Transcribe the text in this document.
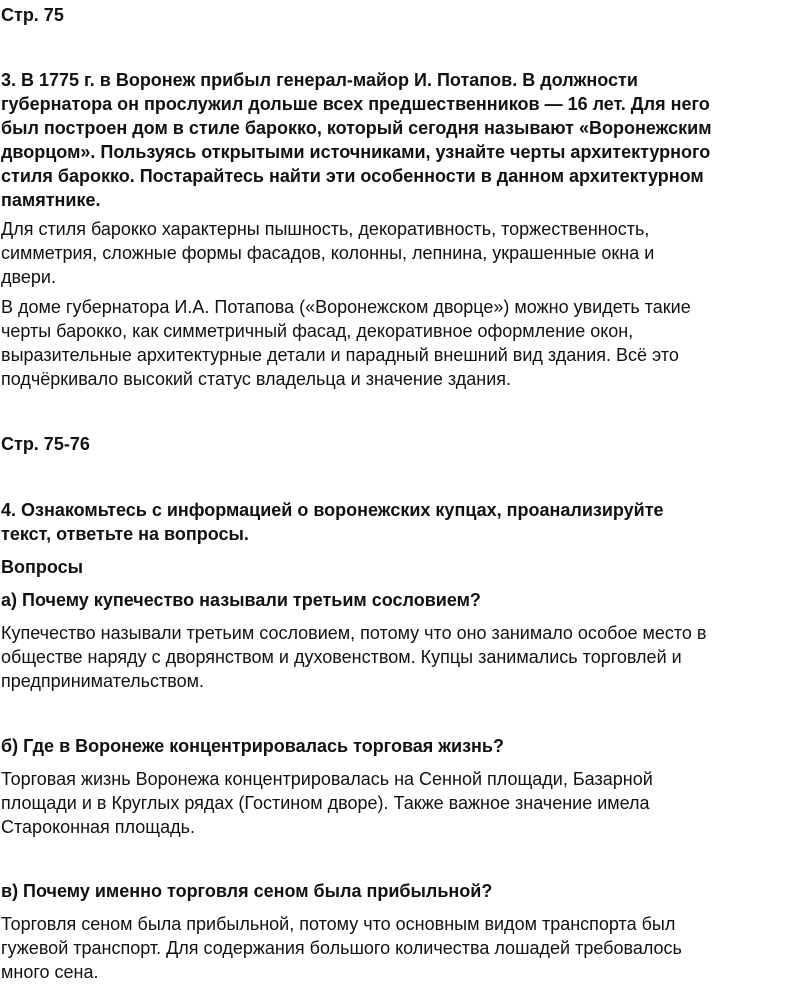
Стр. 75

3. В 1775 г. в Воронеж прибыл генерал-майор И. Потапов. В должности
губернатора он прослужил дольше всех предшественников — 16 лет. Для него
был построен дом в стиле барокко, который сегодня называют «Воронежским
дворцом». Пользуясь открытыми источниками, узнайте черты архитектурного
стиля барокко. Постарайтесь найти эти особенности в данном архитектурном
памятнике.

Для стиля барокко характерны пышность, декоративность, торжественность,
симметрия, сложные формы фасадов, колонны, лепнина, украшенные окна и
двери.

В доме губернатора И.А. Потапова («Воронежском дворце») можно увидеть такие
черты барокко, как симметричный фасад, декоративное оформление окон,
выразительные архитектурные детали и парадный внешний вид здания. Всё это
подчёркивало высокий статус владельца и значение здания.

Стр. 75-76

4. Ознакомьтесь с информацией о воронежских купцах, проанализируйте
текст, ответьте на вопросы.

Вопросы

а) Почему купечество называли третьим сословием?

Купечество называли третьим сословием, потому что оно занимало особое место в
обществе наряду с дворянством и духовенством. Купцы занимались торговлей и
предпринимательством.

б) Где в Воронеже концентрировалась торговая жизнь?

Торговая жизнь Воронежа концентрировалась на Сенной площади, Базарной
площади и в Круглых рядах (Гостином дворе). Также важное значение имела
Староконная площадь.

в) Почему именно торговля сеном была прибыльной?

Торговля сеном была прибыльной, потому что основным видом транспорта был
гужевой транспорт. Для содержания большого количества лошадей требовалось
много сена.
